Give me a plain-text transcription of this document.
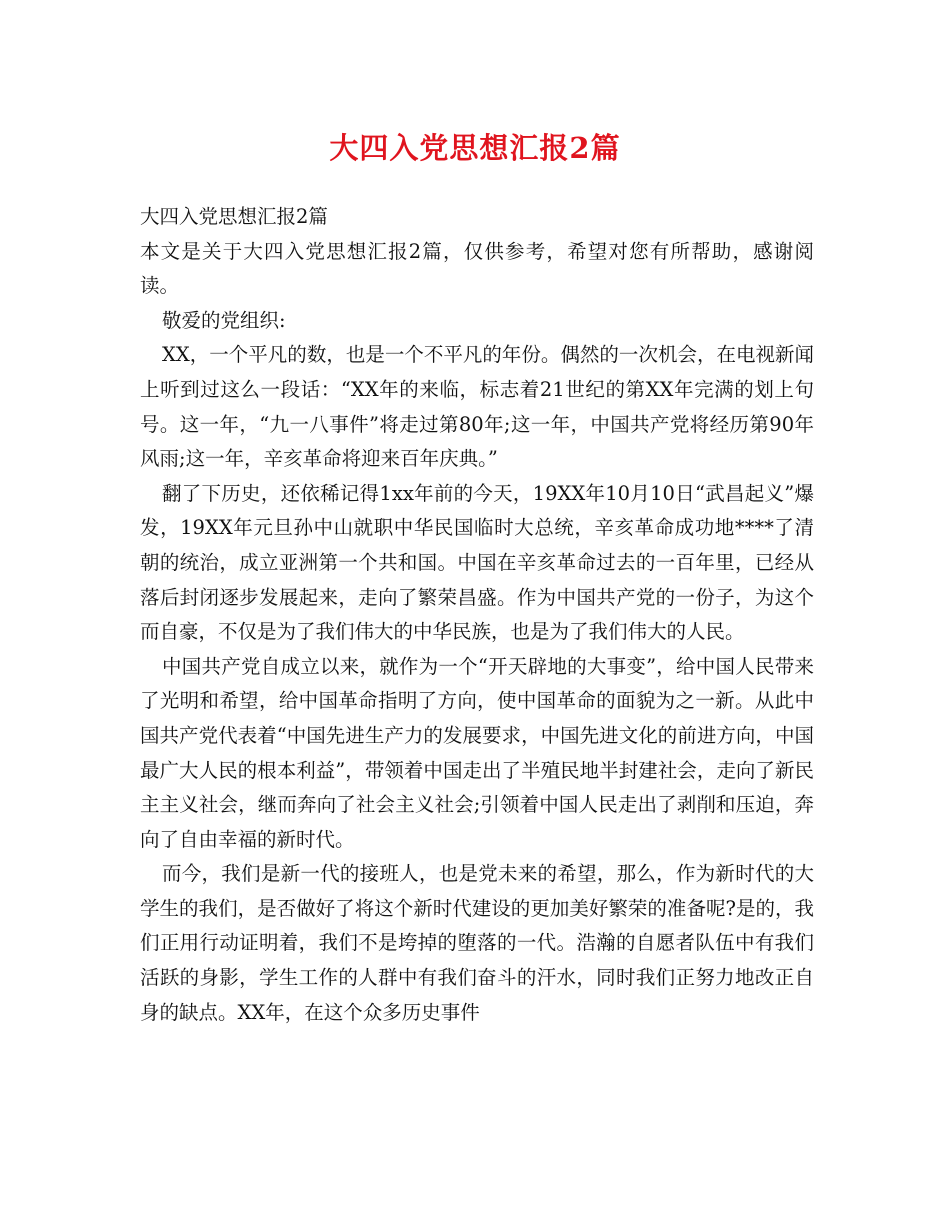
大四入党思想汇报2篇

大四入党思想汇报2篇

本文是关于大四入党思想汇报2篇，仅供参考，希望对您有所帮助，感谢阅读。

敬爱的党组织:

XX，一个平凡的数，也是一个不平凡的年份。偶然的一次机会，在电视新闻上听到过这么一段话：“XX年的来临，标志着21世纪的第XX年完满的划上句号。这一年，“九一八事件”将走过第80年;这一年，中国共产党将经历第90年风雨;这一年，辛亥革命将迎来百年庆典。”

翻了下历史，还依稀记得1xx年前的今天，19XX年10月10日“武昌起义”爆发，19XX年元旦孙中山就职中华民国临时大总统，辛亥革命成功地****了清朝的统治，成立亚洲第一个共和国。中国在辛亥革命过去的一百年里，已经从落后封闭逐步发展起来，走向了繁荣昌盛。作为中国共产党的一份子，为这个而自豪，不仅是为了我们伟大的中华民族，也是为了我们伟大的人民。

中国共产党自成立以来，就作为一个“开天辟地的大事变”，给中国人民带来了光明和希望，给中国革命指明了方向，使中国革命的面貌为之一新。从此中国共产党代表着“中国先进生产力的发展要求，中国先进文化的前进方向，中国最广大人民的根本利益”，带领着中国走出了半殖民地半封建社会，走向了新民主主义社会，继而奔向了社会主义社会;引领着中国人民走出了剥削和压迫，奔向了自由幸福的新时代。

而今，我们是新一代的接班人，也是党未来的希望，那么，作为新时代的大学生的我们，是否做好了将这个新时代建设的更加美好繁荣的准备呢?是的，我们正用行动证明着，我们不是垮掉的堕落的一代。浩瀚的自愿者队伍中有我们活跃的身影，学生工作的人群中有我们奋斗的汗水，同时我们正努力地改正自身的缺点。XX年，在这个众多历史事件
